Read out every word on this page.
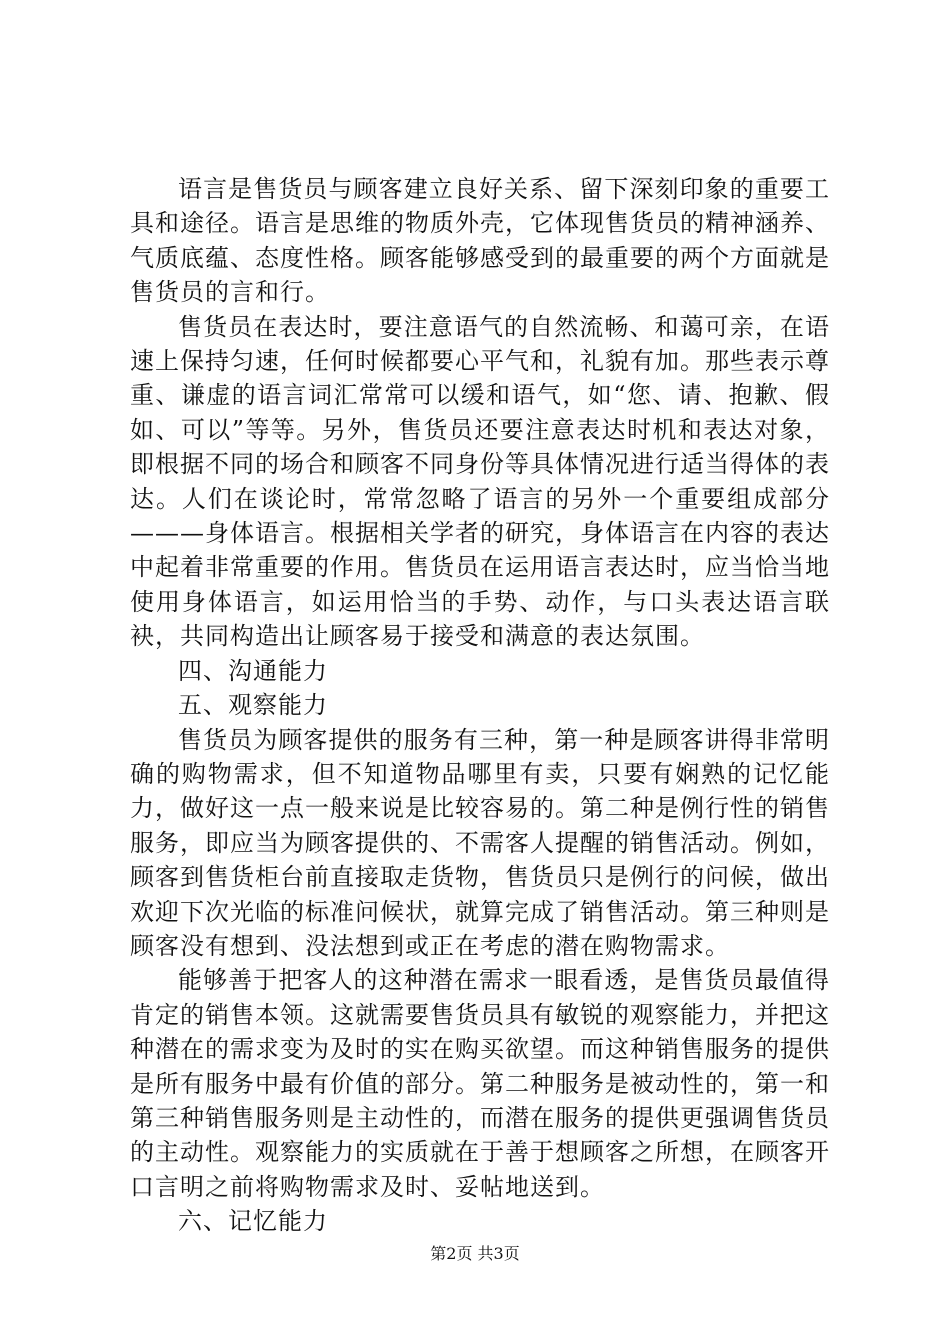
语言是售货员与顾客建立良好关系、留下深刻印象的重要工具和途径。语言是思维的物质外壳，它体现售货员的精神涵养、气质底蕴、态度性格。顾客能够感受到的最重要的两个方面就是售货员的言和行。

售货员在表达时，要注意语气的自然流畅、和蔼可亲，在语速上保持匀速，任何时候都要心平气和，礼貌有加。那些表示尊重、谦虚的语言词汇常常可以缓和语气，如“您、请、抱歉、假如、可以”等等。另外，售货员还要注意表达时机和表达对象，即根据不同的场合和顾客不同身份等具体情况进行适当得体的表达。人们在谈论时，常常忽略了语言的另外一个重要组成部分———身体语言。根据相关学者的研究，身体语言在内容的表达中起着非常重要的作用。售货员在运用语言表达时，应当恰当地使用身体语言，如运用恰当的手势、动作，与口头表达语言联袂，共同构造出让顾客易于接受和满意的表达氛围。

四、沟通能力

五、观察能力

售货员为顾客提供的服务有三种，第一种是顾客讲得非常明确的购物需求，但不知道物品哪里有卖，只要有娴熟的记忆能力，做好这一点一般来说是比较容易的。第二种是例行性的销售服务，即应当为顾客提供的、不需客人提醒的销售活动。例如，顾客到售货柜台前直接取走货物，售货员只是例行的问候，做出欢迎下次光临的标准问候状，就算完成了销售活动。第三种则是顾客没有想到、没法想到或正在考虑的潜在购物需求。

能够善于把客人的这种潜在需求一眼看透，是售货员最值得肯定的销售本领。这就需要售货员具有敏锐的观察能力，并把这种潜在的需求变为及时的实在购买欲望。而这种销售服务的提供是所有服务中最有价值的部分。第二种服务是被动性的，第一和第三种销售服务则是主动性的，而潜在服务的提供更强调售货员的主动性。观察能力的实质就在于善于想顾客之所想，在顾客开口言明之前将购物需求及时、妥帖地送到。

六、记忆能力

第2页 共3页
